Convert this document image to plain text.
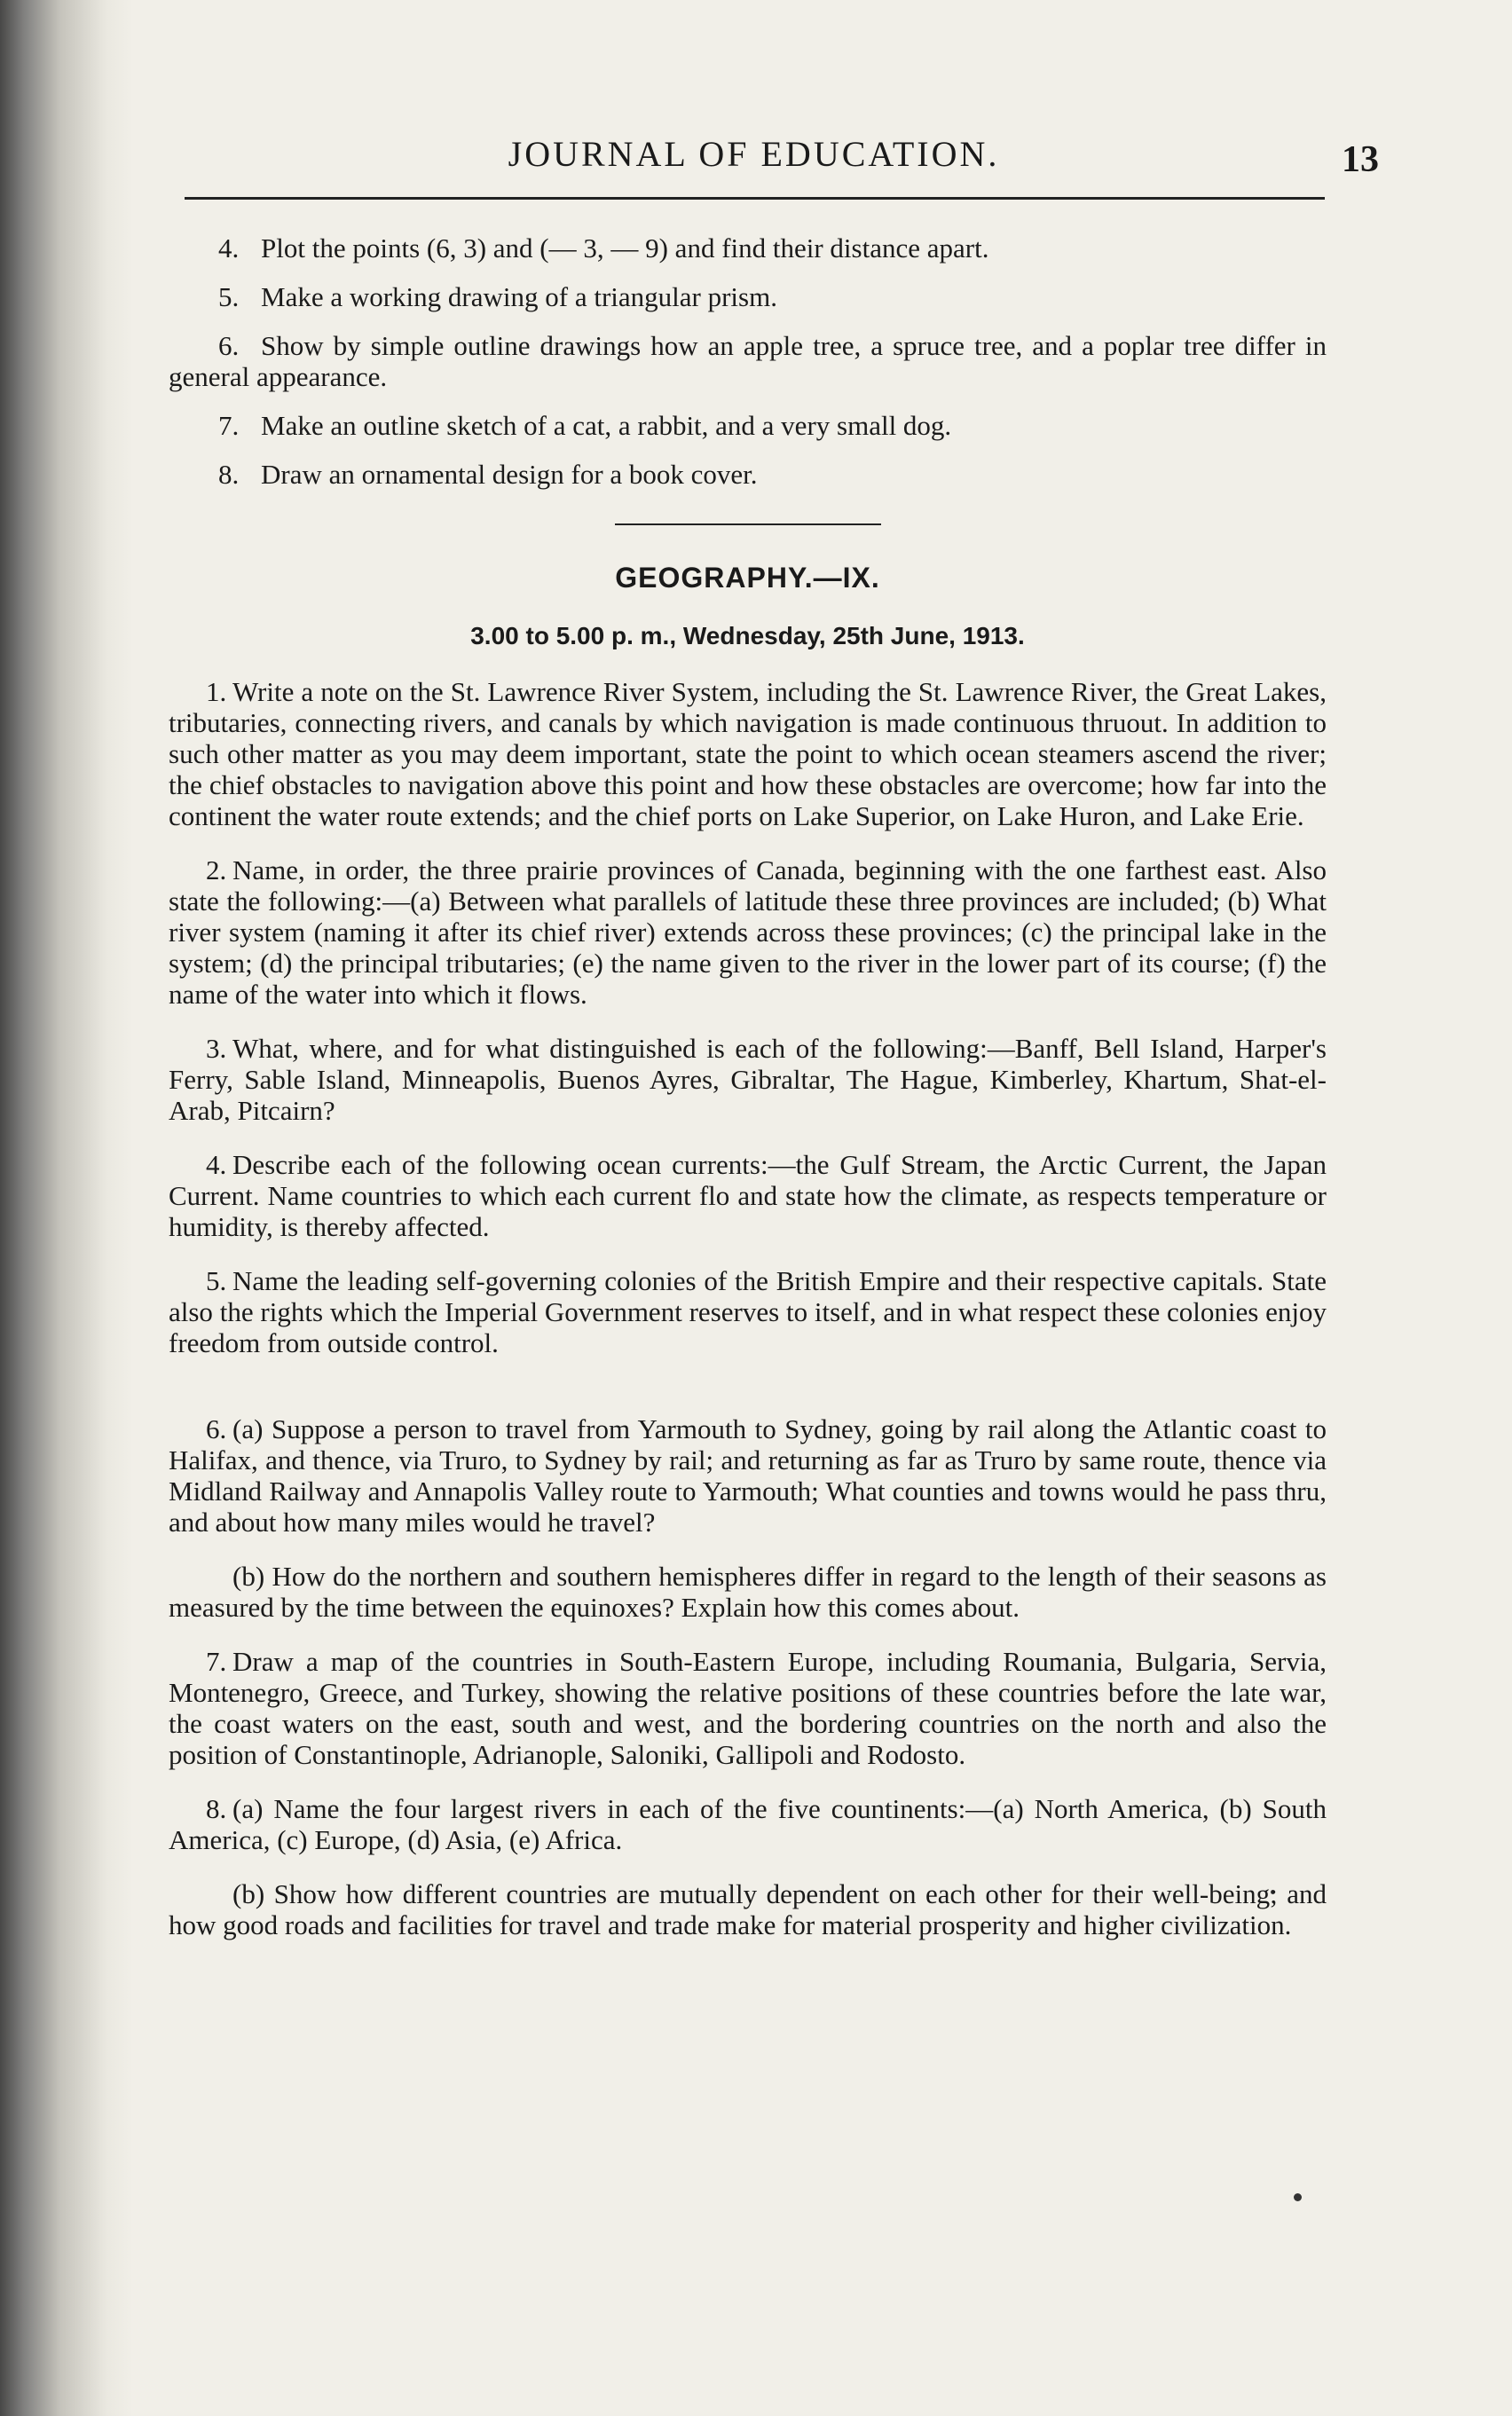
JOURNAL OF EDUCATION.	13

4. Plot the points (6, 3) and (— 3, — 9) and find their distance apart.

5. Make a working drawing of a triangular prism.

6. Show by simple outline drawings how an apple tree, a spruce tree, and a poplar tree differ in general appearance.

7. Make an outline sketch of a cat, a rabbit, and a very small dog.

8. Draw an ornamental design for a book cover.

GEOGRAPHY.—IX.
3.00 to 5.00 p. m., Wednesday, 25th June, 1913.

1. Write a note on the St. Lawrence River System, including the St. Lawrence River, the Great Lakes, tributaries, connecting rivers, and canals by which navigation is made continuous thruout. In addition to such other matter as you may deem important, state the point to which ocean steamers ascend the river; the chief obstacles to navigation above this point and how these obstacles are overcome; how far into the continent the water route extends; and the chief ports on Lake Superior, on Lake Huron, and Lake Erie.

2. Name, in order, the three prairie provinces of Canada, beginning with the one farthest east. Also state the following:—(a) Between what parallels of latitude these three provinces are included; (b) What river system (naming it after its chief river) extends across these provinces; (c) the principal lake in the system; (d) the principal tributaries; (e) the name given to the river in the lower part of its course; (f) the name of the water into which it flows.

3. What, where, and for what distinguished is each of the following:—Banff, Bell Island, Harper's Ferry, Sable Island, Minneapolis, Buenos Ayres, Gibraltar, The Hague, Kimberley, Khartum, Shat-el-Arab, Pitcairn?

4. Describe each of the following ocean currents:—the Gulf Stream, the Arctic Current, the Japan Current. Name countries to which each current flo and state how the climate, as respects temperature or humidity, is thereby affected.

5. Name the leading self-governing colonies of the British Empire and their respective capitals. State also the rights which the Imperial Government reserves to itself, and in what respect these colonies enjoy freedom from outside control.

6. (a) Suppose a person to travel from Yarmouth to Sydney, going by rail along the Atlantic coast to Halifax, and thence, via Truro, to Sydney by rail; and returning as far as Truro by same route, thence via Midland Railway and Annapolis Valley route to Yarmouth; What counties and towns would he pass thru, and about how many miles would he travel?

(b) How do the northern and southern hemispheres differ in regard to the length of their seasons as measured by the time between the equinoxes? Explain how this comes about.

7. Draw a map of the countries in South-Eastern Europe, including Roumania, Bulgaria, Servia, Montenegro, Greece, and Turkey, showing the relative positions of these countries before the late war, the coast waters on the east, south and west, and the bordering countries on the north and also the position of Constantinople, Adrianople, Saloniki, Gallipoli and Rodosto.

8. (a) Name the four largest rivers in each of the five countinents:—(a) North America, (b) South America, (c) Europe, (d) Asia, (e) Africa.

(b) Show how different countries are mutually dependent on each other for their well-being; and how good roads and facilities for travel and trade make for material prosperity and higher civilization.
